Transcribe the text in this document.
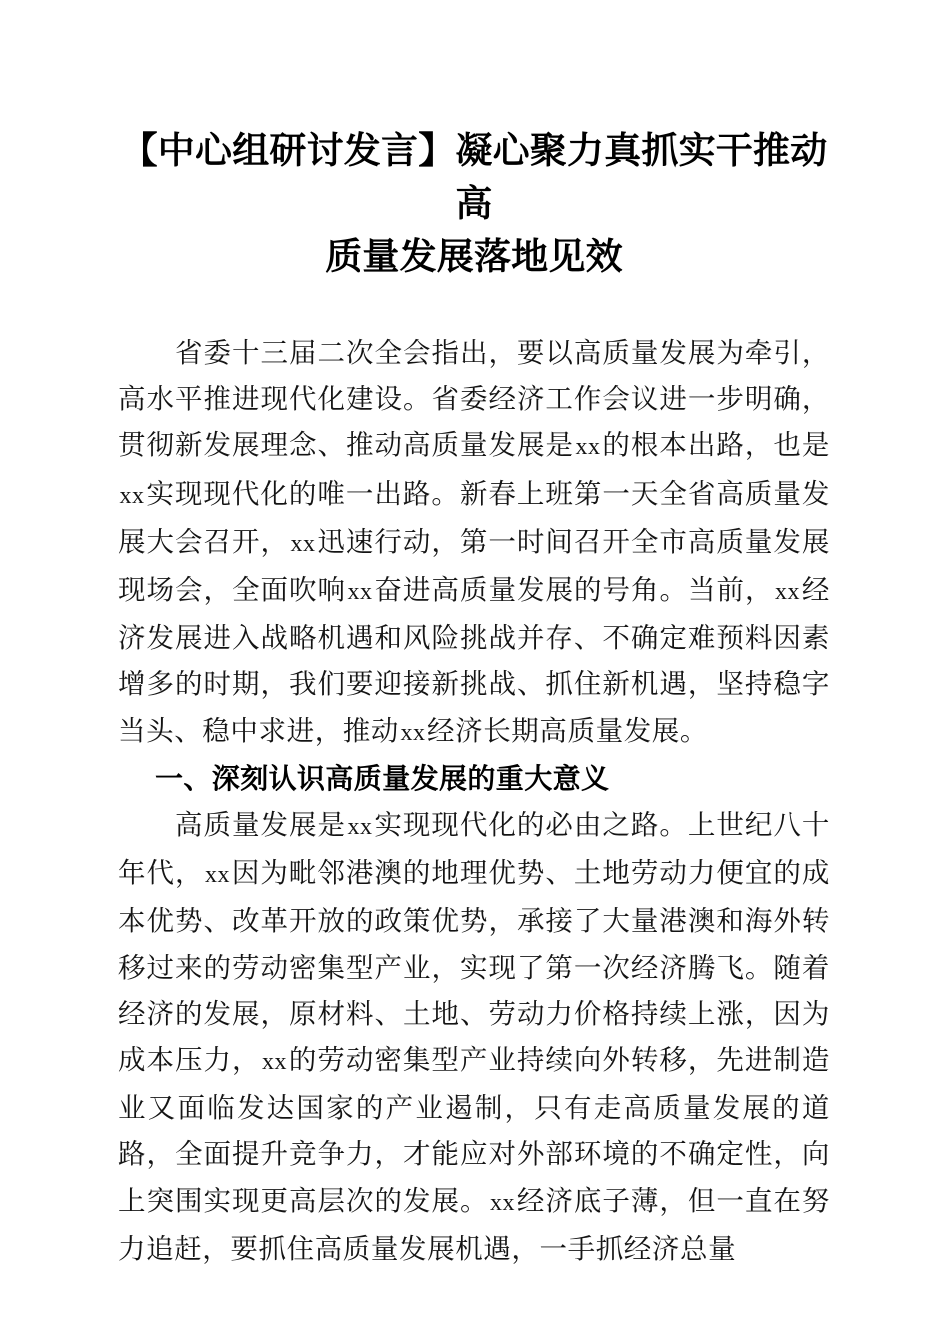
【中心组研讨发言】凝心聚力真抓实干推动高
质量发展落地见效

省委十三届二次全会指出，要以高质量发展为牵引，高水平推进现代化建设。省委经济工作会议进一步明确，贯彻新发展理念、推动高质量发展是xx的根本出路，也是xx实现现代化的唯一出路。新春上班第一天全省高质量发展大会召开，xx迅速行动，第一时间召开全市高质量发展现场会，全面吹响xx奋进高质量发展的号角。当前，xx经济发展进入战略机遇和风险挑战并存、不确定难预料因素增多的时期，我们要迎接新挑战、抓住新机遇，坚持稳字当头、稳中求进，推动xx经济长期高质量发展。

一、深刻认识高质量发展的重大意义

高质量发展是xx实现现代化的必由之路。上世纪八十年代，xx因为毗邻港澳的地理优势、土地劳动力便宜的成本优势、改革开放的政策优势，承接了大量港澳和海外转移过来的劳动密集型产业，实现了第一次经济腾飞。随着经济的发展，原材料、土地、劳动力价格持续上涨，因为成本压力，xx的劳动密集型产业持续向外转移，先进制造业又面临发达国家的产业遏制，只有走高质量发展的道路，全面提升竞争力，才能应对外部环境的不确定性，向上突围实现更高层次的发展。xx经济底子薄，但一直在努力追赶，要抓住高质量发展机遇，一手抓经济总量
